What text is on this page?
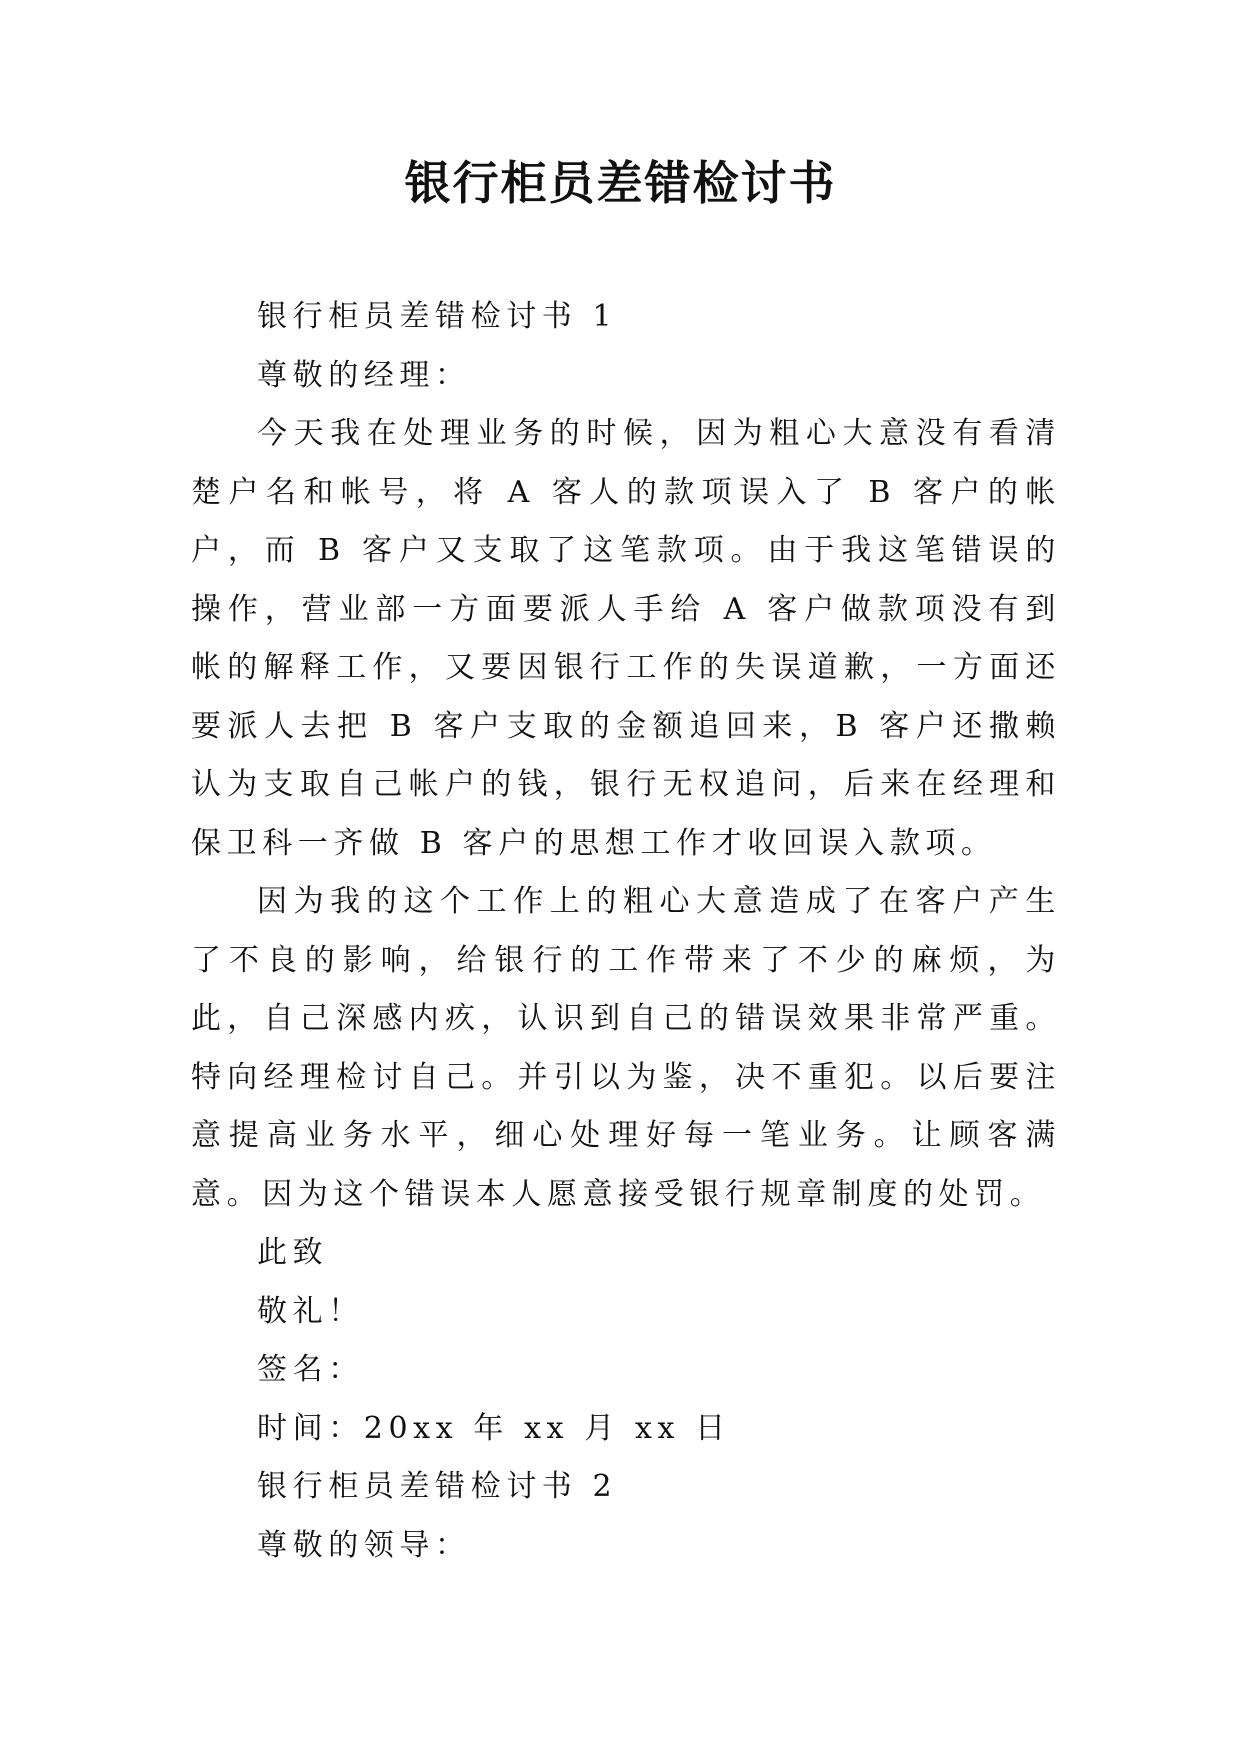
银行柜员差错检讨书

银行柜员差错检讨书 1

尊敬的经理：

今天我在处理业务的时候，因为粗心大意没有看清楚户名和帐号，将 A 客人的款项误入了 B 客户的帐户，而 B 客户又支取了这笔款项。由于我这笔错误的操作，营业部一方面要派人手给 A 客户做款项没有到帐的解释工作，又要因银行工作的失误道歉，一方面还要派人去把 B 客户支取的金额追回来，B 客户还撒赖认为支取自己帐户的钱，银行无权追问，后来在经理和保卫科一齐做 B 客户的思想工作才收回误入款项。

因为我的这个工作上的粗心大意造成了在客户产生了不良的影响，给银行的工作带来了不少的麻烦，为此，自己深感内疚，认识到自己的错误效果非常严重。特向经理检讨自己。并引以为鉴，决不重犯。以后要注意提高业务水平，细心处理好每一笔业务。让顾客满意。因为这个错误本人愿意接受银行规章制度的处罚。

此致

敬礼！

签名：

时间：20xx 年 xx 月 xx 日

银行柜员差错检讨书 2

尊敬的领导：
